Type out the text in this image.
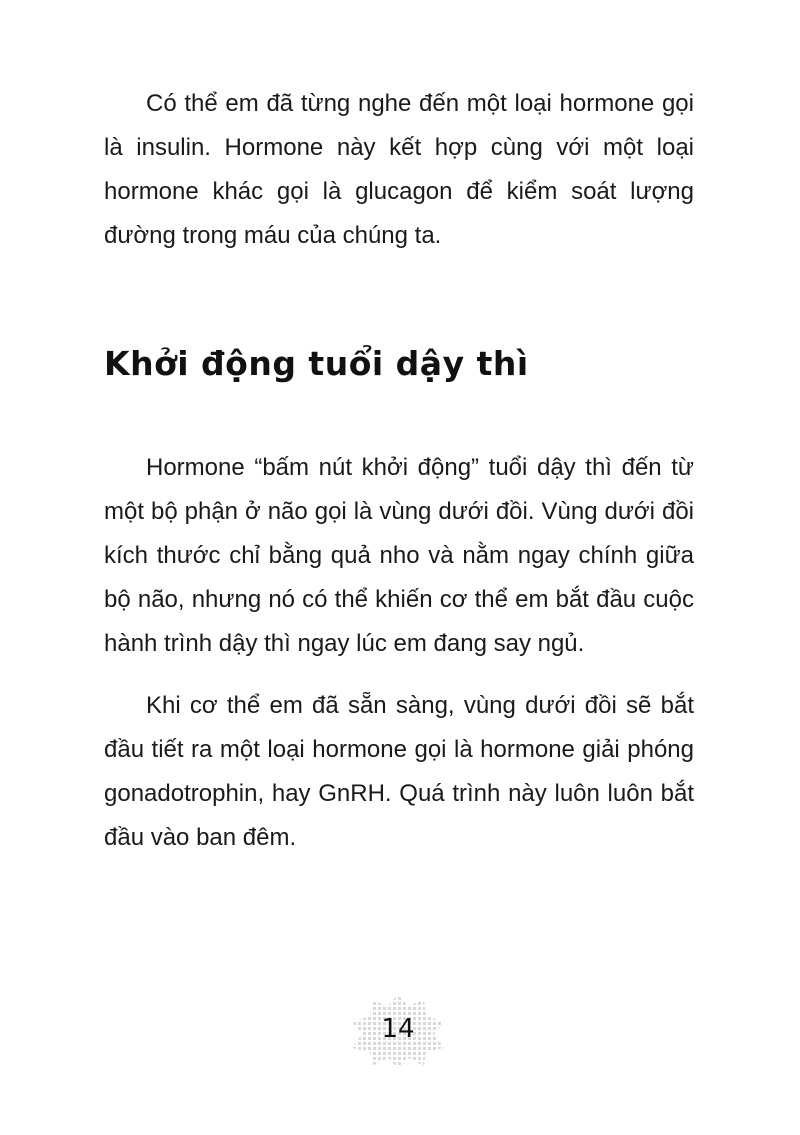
Có thể em đã từng nghe đến một loại hormone gọi là insulin. Hormone này kết hợp cùng với một loại hormone khác gọi là glucagon để kiểm soát lượng đường trong máu của chúng ta.

Khởi động tuổi dậy thì

Hormone “bấm nút khởi động” tuổi dậy thì đến từ một bộ phận ở não gọi là vùng dưới đồi. Vùng dưới đồi kích thước chỉ bằng quả nho và nằm ngay chính giữa bộ não, nhưng nó có thể khiến cơ thể em bắt đầu cuộc hành trình dậy thì ngay lúc em đang say ngủ.

Khi cơ thể em đã sẵn sàng, vùng dưới đồi sẽ bắt đầu tiết ra một loại hormone gọi là hormone giải phóng gonadotrophin, hay GnRH. Quá trình này luôn luôn bắt đầu vào ban đêm.

14
